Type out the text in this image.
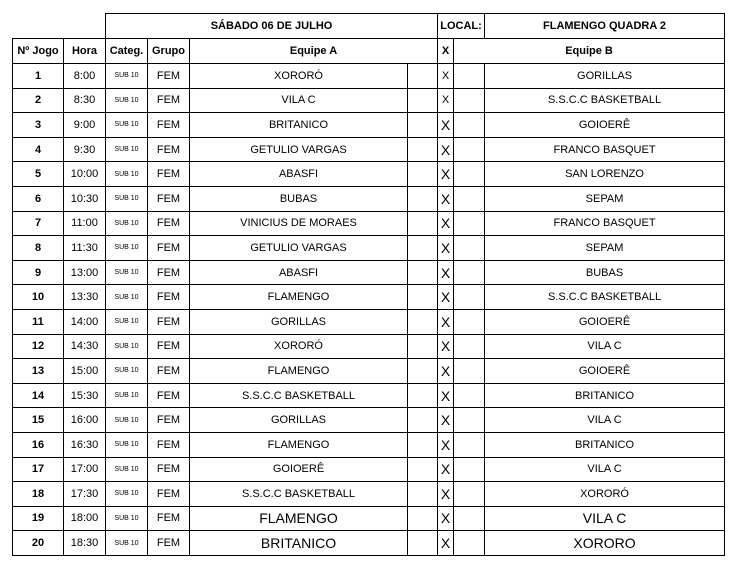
		SÁBADO 06 DE JULHO				LOCAL:		FLAMENGO QUADRA 2
Nº Jogo	Hora	Categ.	Grupo	Equipe A		X	Equipe B	
1	8:00	SUB 10	FEM	XORORÓ		X		GORILLAS
2	8:30	SUB 10	FEM	VILA C		X		S.S.C.C BASKETBALL
3	9:00	SUB 10	FEM	BRITANICO		X		GOIOERÊ
4	9:30	SUB 10	FEM	GETULIO VARGAS		X		FRANCO BASQUET
5	10:00	SUB 10	FEM	ABASFI		X		SAN LORENZO
6	10:30	SUB 10	FEM	BUBAS		X		SEPAM
7	11:00	SUB 10	FEM	VINICIUS DE MORAES		X		FRANCO BASQUET
8	11:30	SUB 10	FEM	GETULIO VARGAS		X		SEPAM
9	13:00	SUB 10	FEM	ABASFI		X		BUBAS
10	13:30	SUB 10	FEM	FLAMENGO		X		S.S.C.C BASKETBALL
11	14:00	SUB 10	FEM	GORILLAS		X		GOIOERÊ
12	14:30	SUB 10	FEM	XORORÓ		X		VILA C
13	15:00	SUB 10	FEM	FLAMENGO		X		GOIOERÊ
14	15:30	SUB 10	FEM	S.S.C.C BASKETBALL		X		BRITANICO
15	16:00	SUB 10	FEM	GORILLAS		X		VILA C
16	16:30	SUB 10	FEM	FLAMENGO		X		BRITANICO
17	17:00	SUB 10	FEM	GOIOERÊ		X		VILA C
18	17:30	SUB 10	FEM	S.S.C.C BASKETBALL		X		XORORÓ
19	18:00	SUB 10	FEM	FLAMENGO		X		VILA C
20	18:30	SUB 10	FEM	BRITANICO		X		XORORO
